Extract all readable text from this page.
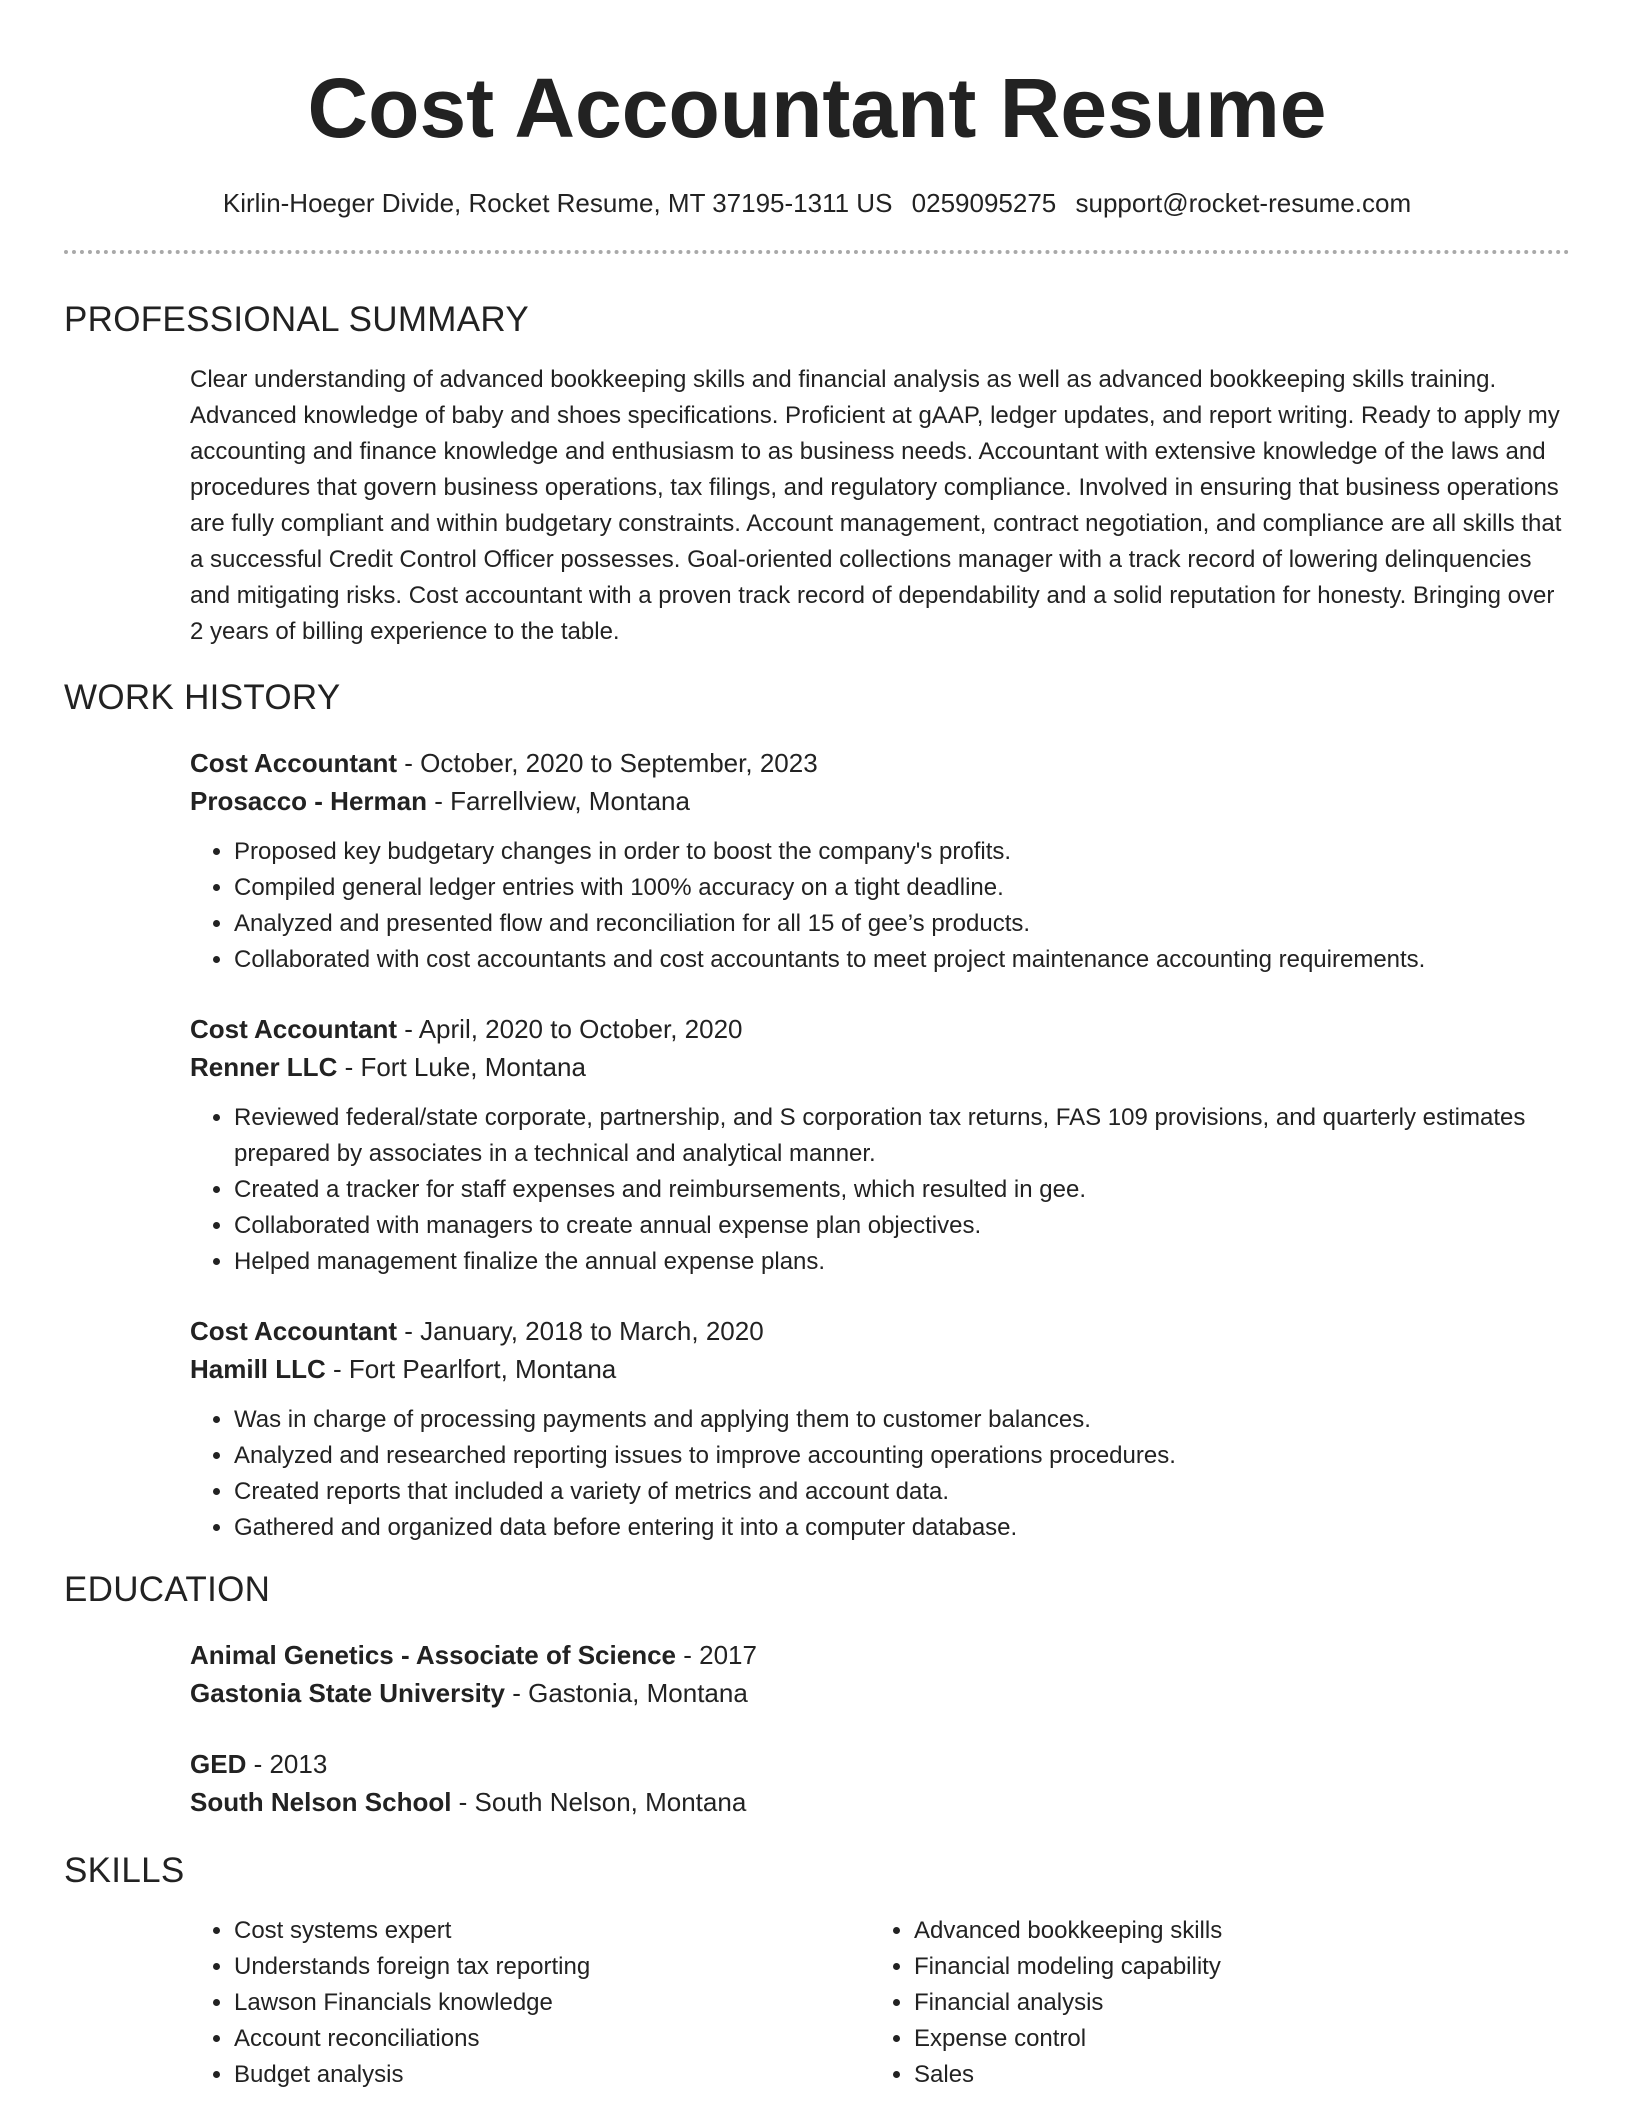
Cost Accountant Resume
Kirlin-Hoeger Divide, Rocket Resume, MT 37195-1311 US 0259095275 support@rocket-resume.com
PROFESSIONAL SUMMARY
Clear understanding of advanced bookkeeping skills and financial analysis as well as advanced bookkeeping skills training. Advanced knowledge of baby and shoes specifications. Proficient at gAAP, ledger updates, and report writing. Ready to apply my accounting and finance knowledge and enthusiasm to as business needs. Accountant with extensive knowledge of the laws and procedures that govern business operations, tax filings, and regulatory compliance. Involved in ensuring that business operations are fully compliant and within budgetary constraints. Account management, contract negotiation, and compliance are all skills that a successful Credit Control Officer possesses. Goal-oriented collections manager with a track record of lowering delinquencies and mitigating risks. Cost accountant with a proven track record of dependability and a solid reputation for honesty. Bringing over 2 years of billing experience to the table.
WORK HISTORY
Cost Accountant - October, 2020 to September, 2023
Prosacco - Herman - Farrellview, Montana
• Proposed key budgetary changes in order to boost the company's profits.
• Compiled general ledger entries with 100% accuracy on a tight deadline.
• Analyzed and presented flow and reconciliation for all 15 of gee’s products.
• Collaborated with cost accountants and cost accountants to meet project maintenance accounting requirements.
Cost Accountant - April, 2020 to October, 2020
Renner LLC - Fort Luke, Montana
• Reviewed federal/state corporate, partnership, and S corporation tax returns, FAS 109 provisions, and quarterly estimates prepared by associates in a technical and analytical manner.
• Created a tracker for staff expenses and reimbursements, which resulted in gee.
• Collaborated with managers to create annual expense plan objectives.
• Helped management finalize the annual expense plans.
Cost Accountant - January, 2018 to March, 2020
Hamill LLC - Fort Pearlfort, Montana
• Was in charge of processing payments and applying them to customer balances.
• Analyzed and researched reporting issues to improve accounting operations procedures.
• Created reports that included a variety of metrics and account data.
• Gathered and organized data before entering it into a computer database.
EDUCATION
Animal Genetics - Associate of Science - 2017
Gastonia State University - Gastonia, Montana
GED - 2013
South Nelson School - South Nelson, Montana
SKILLS
• Cost systems expert
• Understands foreign tax reporting
• Lawson Financials knowledge
• Account reconciliations
• Budget analysis
• Advanced bookkeeping skills
• Financial modeling capability
• Financial analysis
• Expense control
• Sales
